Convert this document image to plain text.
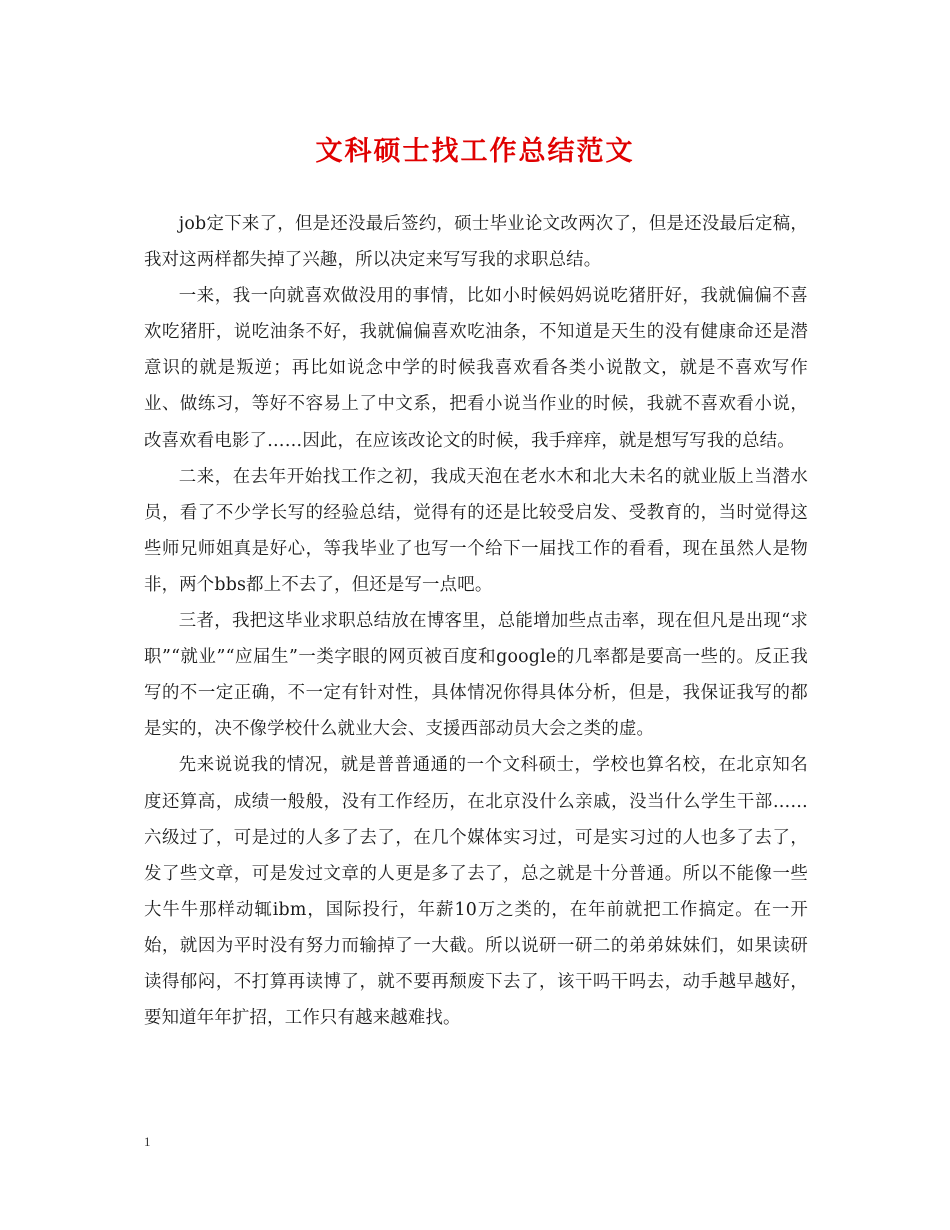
文科硕士找工作总结范文

job定下来了，但是还没最后签约，硕士毕业论文改两次了，但是还没最后定稿，我对这两样都失掉了兴趣，所以决定来写写我的求职总结。

一来，我一向就喜欢做没用的事情，比如小时候妈妈说吃猪肝好，我就偏偏不喜欢吃猪肝，说吃油条不好，我就偏偏喜欢吃油条，不知道是天生的没有健康命还是潜意识的就是叛逆；再比如说念中学的时候我喜欢看各类小说散文，就是不喜欢写作业、做练习，等好不容易上了中文系，把看小说当作业的时候，我就不喜欢看小说，改喜欢看电影了……因此，在应该改论文的时候，我手痒痒，就是想写写我的总结。

二来，在去年开始找工作之初，我成天泡在老水木和北大未名的就业版上当潜水员，看了不少学长写的经验总结，觉得有的还是比较受启发、受教育的，当时觉得这些师兄师姐真是好心，等我毕业了也写一个给下一届找工作的看看，现在虽然人是物非，两个bbs都上不去了，但还是写一点吧。

三者，我把这毕业求职总结放在博客里，总能增加些点击率，现在但凡是出现“求职”“就业”“应届生”一类字眼的网页被百度和google的几率都是要高一些的。反正我写的不一定正确，不一定有针对性，具体情况你得具体分析，但是，我保证我写的都是实的，决不像学校什么就业大会、支援西部动员大会之类的虚。

先来说说我的情况，就是普普通通的一个文科硕士，学校也算名校，在北京知名度还算高，成绩一般般，没有工作经历，在北京没什么亲戚，没当什么学生干部……六级过了，可是过的人多了去了，在几个媒体实习过，可是实习过的人也多了去了，发了些文章，可是发过文章的人更是多了去了，总之就是十分普通。所以不能像一些大牛牛那样动辄ibm，国际投行，年薪10万之类的，在年前就把工作搞定。在一开始，就因为平时没有努力而输掉了一大截。所以说研一研二的弟弟妹妹们，如果读研读得郁闷，不打算再读博了，就不要再颓废下去了，该干吗干吗去，动手越早越好，要知道年年扩招，工作只有越来越难找。

1
